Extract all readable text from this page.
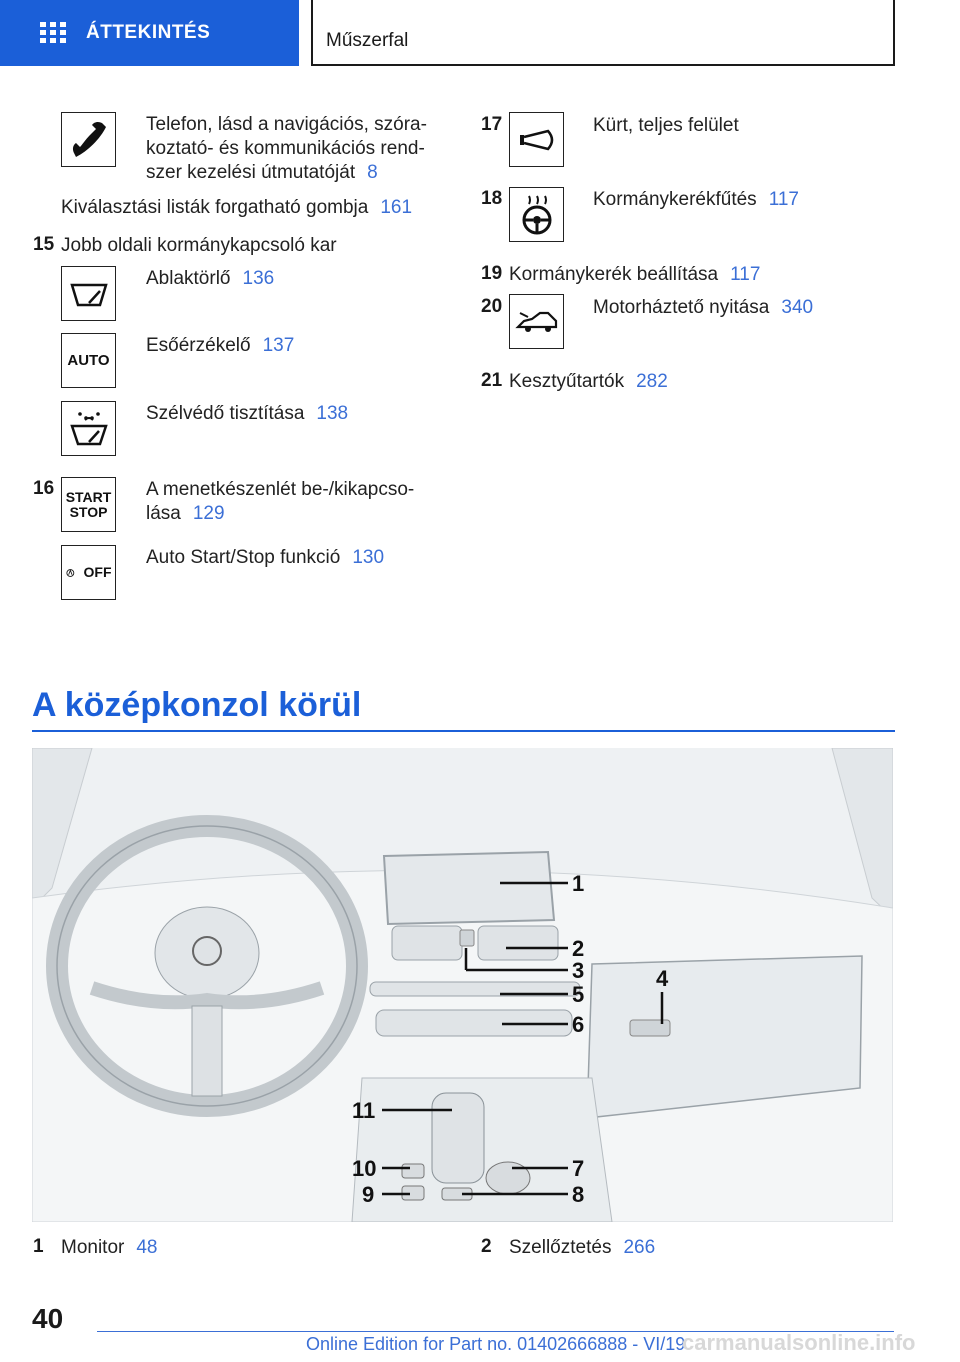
ÁTTEKINTÉS	Műszerfal
Telefon, lásd a navigációs, szóra-
koztató- és kommunikációs rend-
szer kezelési útmutatóját 8
Kiválasztási listák forgatható gombja 161
15 Jobb oldali kormánykapcsoló kar
Ablaktörlő 136
AUTO
Esőérzékelő 137
Szélvédő tisztítása 138
16 START
STOP
A menetkészenlét be-/kikapcso-
lása 129
OFF
Auto Start/Stop funkció 130
17	Kürt, teljes felület
18	Kormánykerékfűtés 117
19 Kormánykerék beállítása 117
20	Motorháztető nyitása 340
21 Kesztyűtartók 282
A középkonzol körül
1
2
3	4
5
6
7
8
9
10
11
1 Monitor 48	2 Szellőztetés 266
40
Online Edition for Part no. 01402666888 - VI/19
carmanualsonline.info
